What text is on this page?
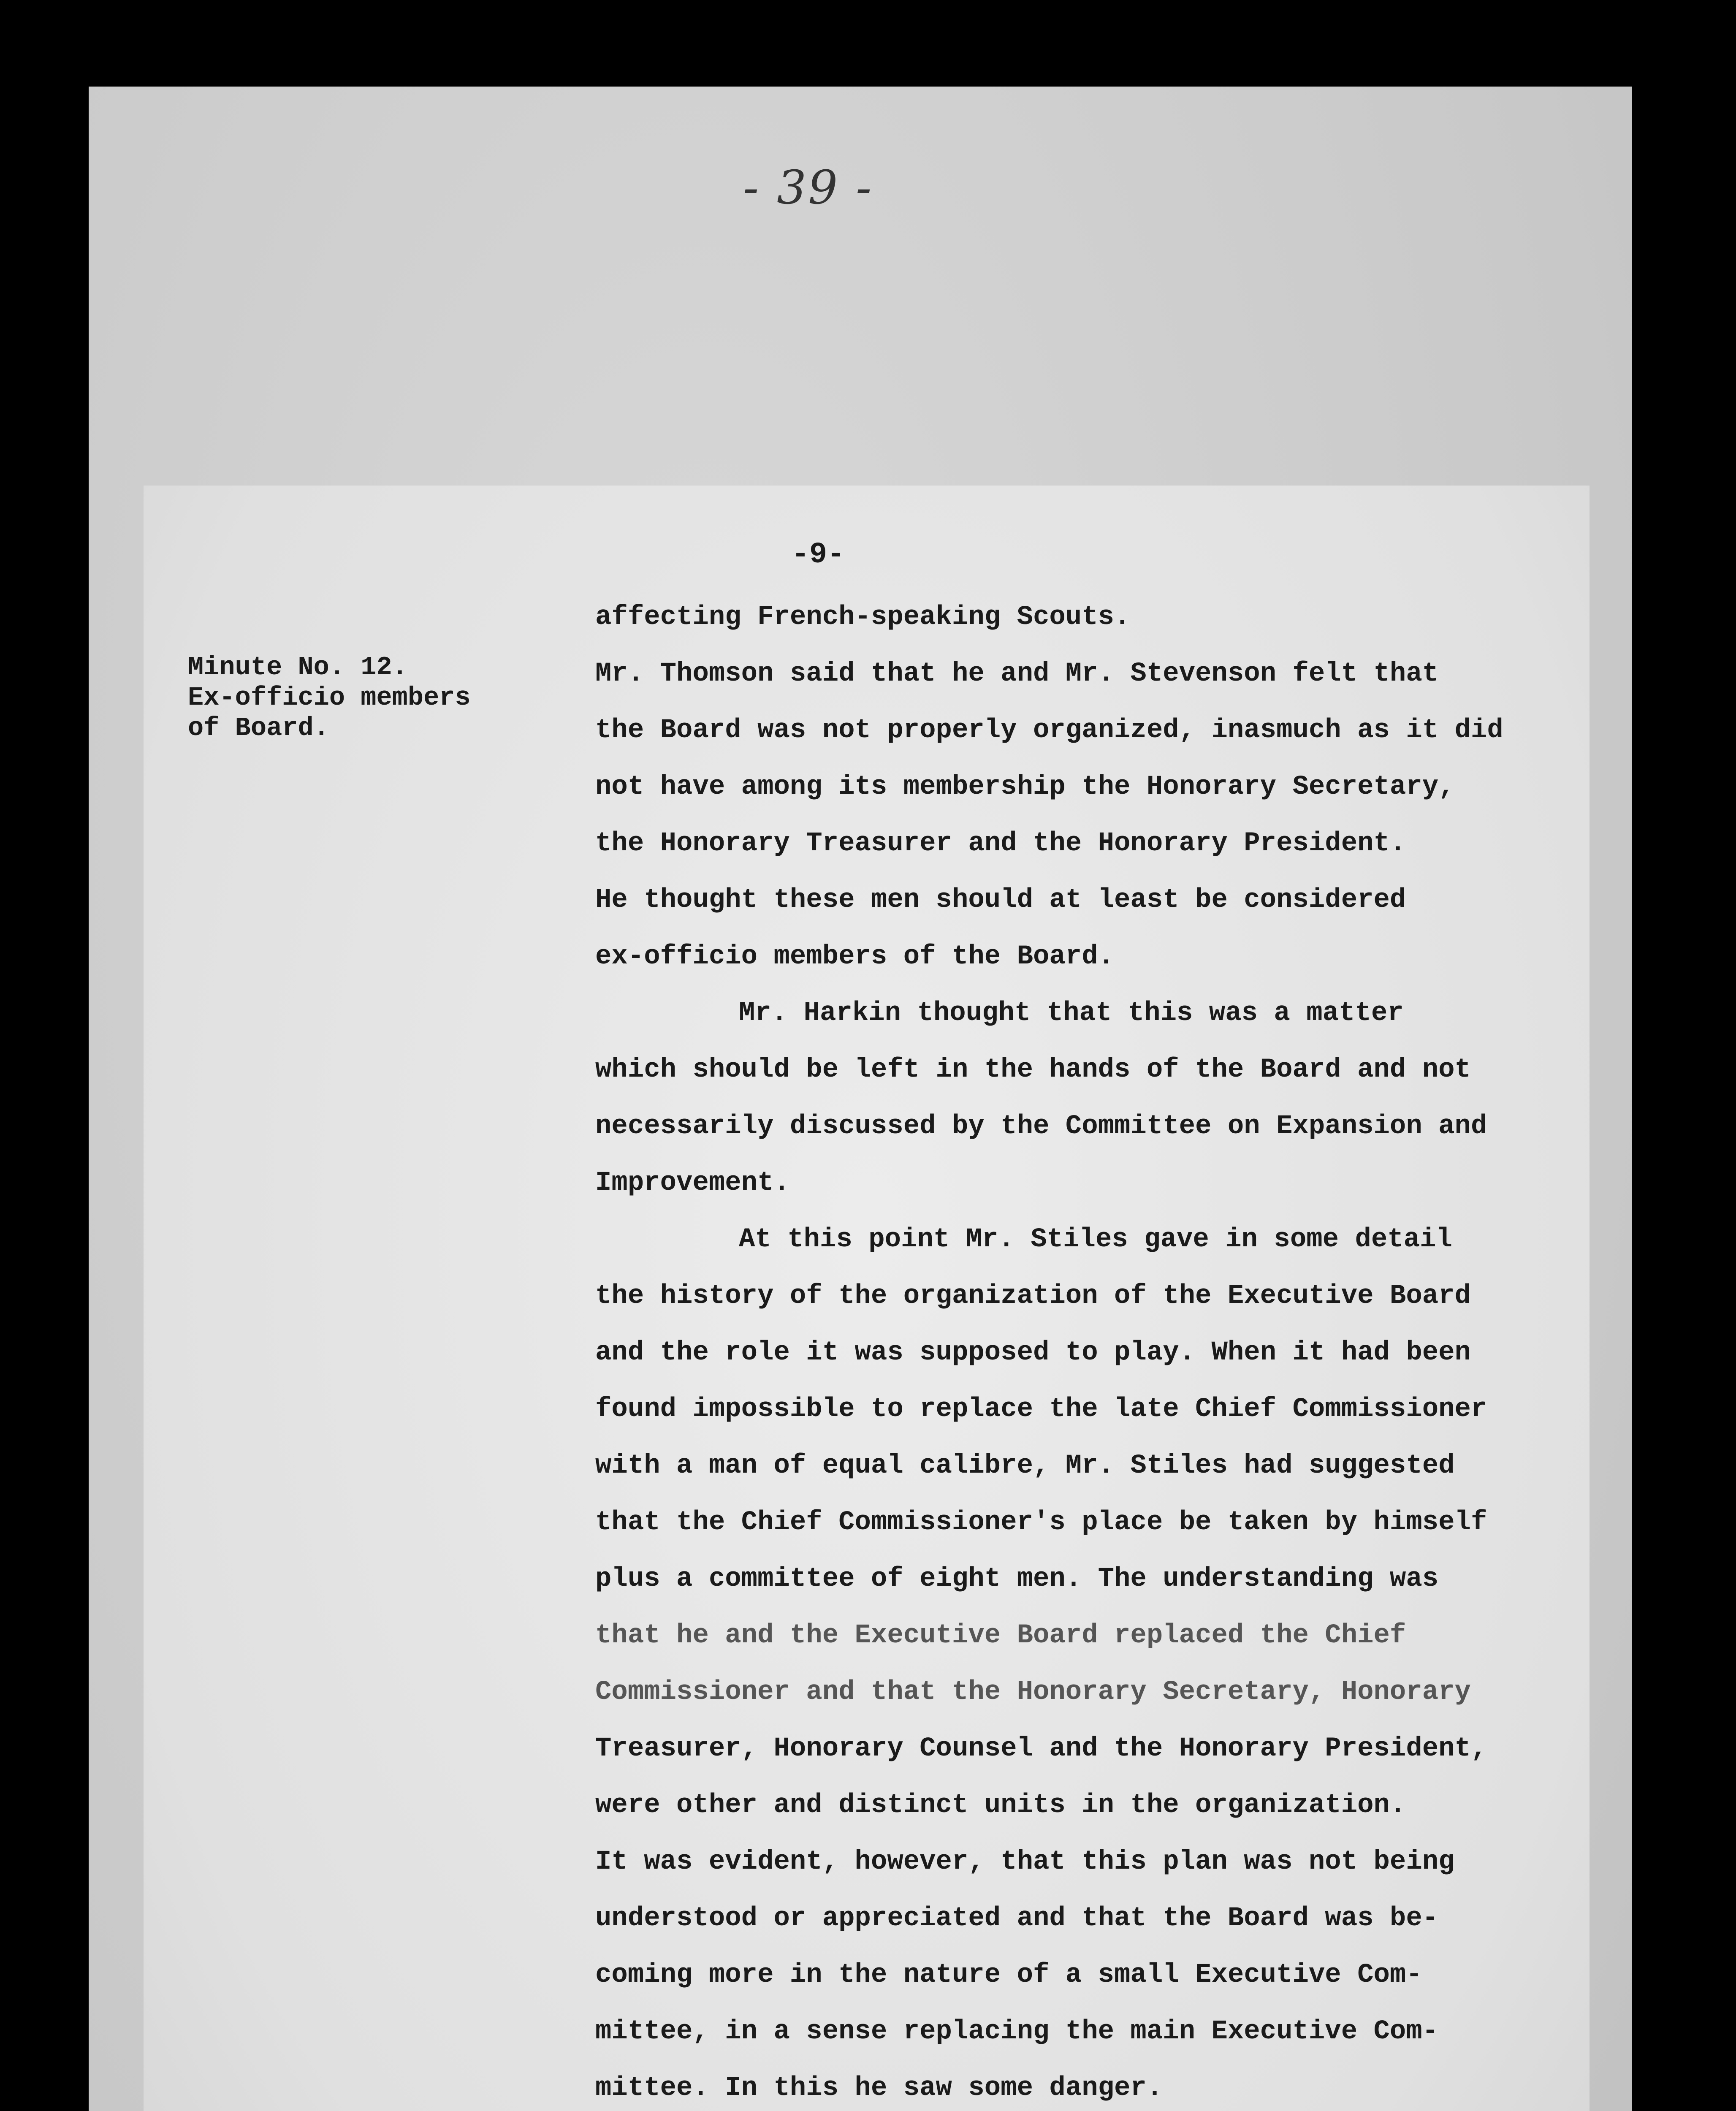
- 39 -
-9-
Minute No. 12.
Ex-officio members
of Board.
affecting French-speaking Scouts.
Mr. Thomson said that he and Mr. Stevenson felt that
the Board was not properly organized, inasmuch as it did
not have among its membership the Honorary Secretary,
the Honorary Treasurer and the Honorary President.
He thought these men should at least be considered
ex-officio members of the Board.
Mr. Harkin thought that this was a matter
which should be left in the hands of the Board and not
necessarily discussed by the Committee on Expansion and
Improvement.
At this point Mr. Stiles gave in some detail
the history of the organization of the Executive Board
and the role it was supposed to play. When it had been
found impossible to replace the late Chief Commissioner
with a man of equal calibre, Mr. Stiles had suggested
that the Chief Commissioner's place be taken by himself
plus a committee of eight men. The understanding was
that he and the Executive Board replaced the Chief
Commissioner and that the Honorary Secretary, Honorary
Treasurer, Honorary Counsel and the Honorary President,
were other and distinct units in the organization.
It was evident, however, that this plan was not being
understood or appreciated and that the Board was be-
coming more in the nature of a small Executive Com-
mittee, in a sense replacing the main Executive Com-
mittee. In this he saw some danger.
